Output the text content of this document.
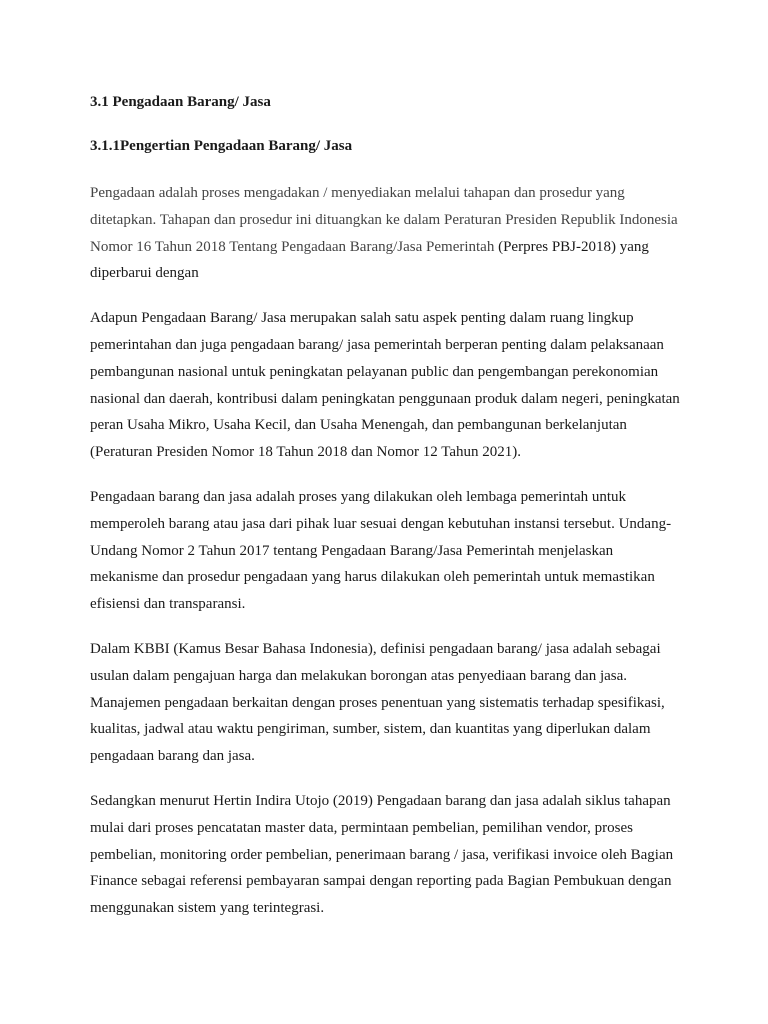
3.1 Pengadaan Barang/ Jasa

3.1.1Pengertian Pengadaan Barang/ Jasa

Pengadaan adalah proses mengadakan / menyediakan melalui tahapan dan prosedur yang ditetapkan. Tahapan dan prosedur ini dituangkan ke dalam Peraturan Presiden Republik Indonesia Nomor 16 Tahun 2018 Tentang Pengadaan Barang/Jasa Pemerintah (Perpres PBJ-2018) yang diperbarui dengan

Adapun Pengadaan Barang/ Jasa merupakan salah satu aspek penting dalam ruang lingkup pemerintahan dan juga pengadaan barang/ jasa pemerintah berperan penting dalam pelaksanaan pembangunan nasional untuk peningkatan pelayanan public dan pengembangan perekonomian nasional dan daerah, kontribusi dalam peningkatan penggunaan produk dalam negeri, peningkatan peran Usaha Mikro, Usaha Kecil, dan Usaha Menengah, dan pembangunan berkelanjutan (Peraturan Presiden Nomor 18 Tahun 2018 dan Nomor 12 Tahun 2021).

Pengadaan barang dan jasa adalah proses yang dilakukan oleh lembaga pemerintah untuk memperoleh barang atau jasa dari pihak luar sesuai dengan kebutuhan instansi tersebut. Undang-Undang Nomor 2 Tahun 2017 tentang Pengadaan Barang/Jasa Pemerintah menjelaskan mekanisme dan prosedur pengadaan yang harus dilakukan oleh pemerintah untuk memastikan efisiensi dan transparansi.

Dalam KBBI (Kamus Besar Bahasa Indonesia), definisi pengadaan barang/ jasa adalah sebagai usulan dalam pengajuan harga dan melakukan borongan atas penyediaan barang dan jasa. Manajemen pengadaan berkaitan dengan proses penentuan yang sistematis terhadap spesifikasi, kualitas, jadwal atau waktu pengiriman, sumber, sistem, dan kuantitas yang diperlukan dalam pengadaan barang dan jasa.

Sedangkan menurut Hertin Indira Utojo (2019) Pengadaan barang dan jasa adalah siklus tahapan mulai dari proses pencatatan master data, permintaan pembelian, pemilihan vendor, proses pembelian, monitoring order pembelian, penerimaan barang / jasa, verifikasi invoice oleh Bagian Finance sebagai referensi pembayaran sampai dengan reporting pada Bagian Pembukuan dengan menggunakan sistem yang terintegrasi.
